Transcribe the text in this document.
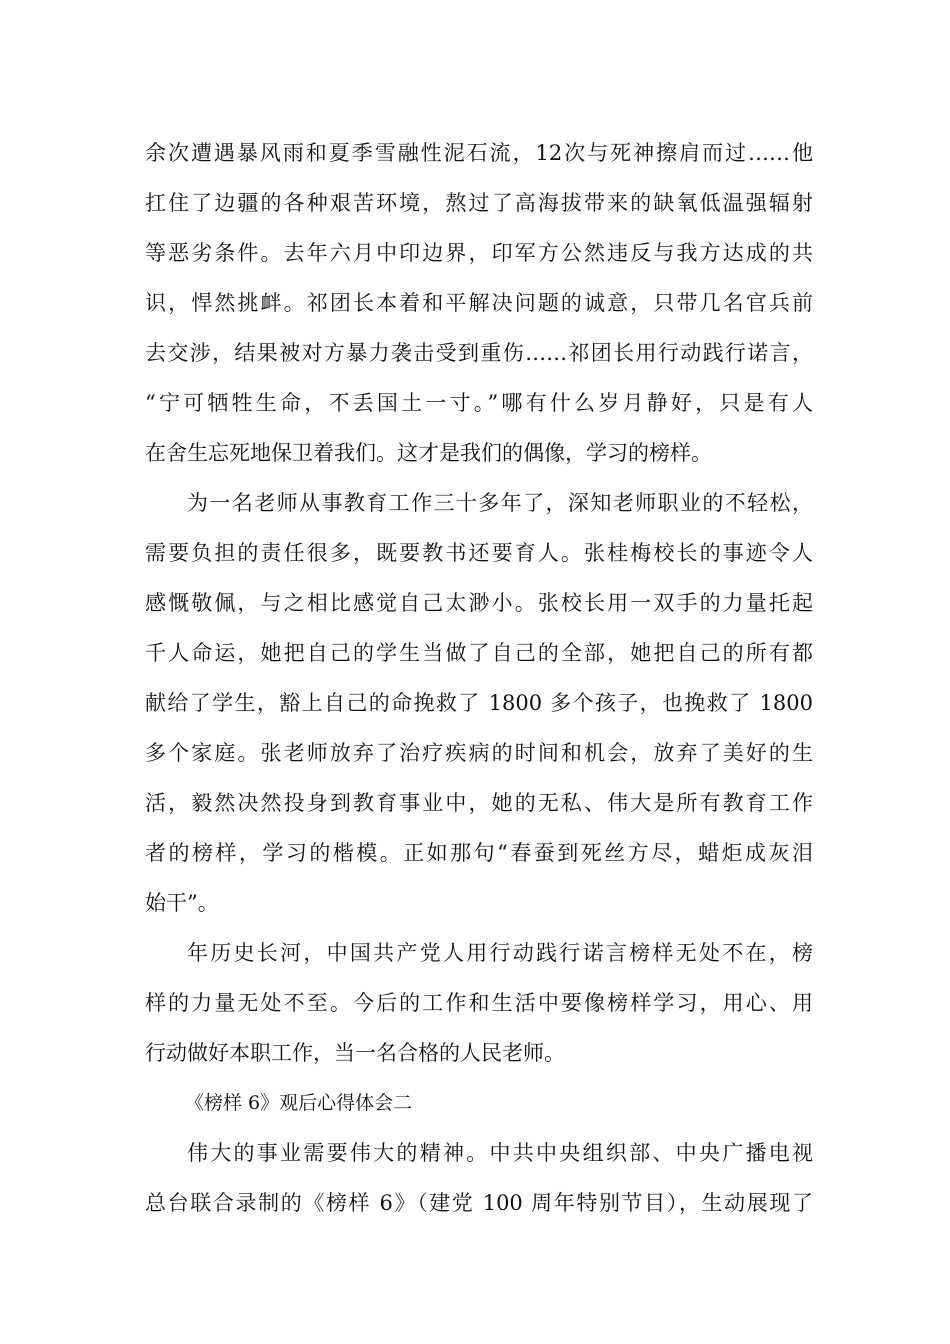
余次遭遇暴风雨和夏季雪融性泥石流，12次与死神擦肩而过……他
扛住了边疆的各种艰苦环境，熬过了高海拔带来的缺氧低温强辐射
等恶劣条件。去年六月中印边界，印军方公然违反与我方达成的共
识，悍然挑衅。祁团长本着和平解决问题的诚意，只带几名官兵前
去交涉，结果被对方暴力袭击受到重伤……祁团长用行动践行诺言，
“宁可牺牲生命，不丢国土一寸。”哪有什么岁月静好，只是有人
在舍生忘死地保卫着我们。这才是我们的偶像，学习的榜样。
为一名老师从事教育工作三十多年了，深知老师职业的不轻松，
需要负担的责任很多，既要教书还要育人。张桂梅校长的事迹令人
感慨敬佩，与之相比感觉自己太渺小。张校长用一双手的力量托起
千人命运，她把自己的学生当做了自己的全部，她把自己的所有都
献给了学生，豁上自己的命挽救了 1800 多个孩子，也挽救了 1800
多个家庭。张老师放弃了治疗疾病的时间和机会，放弃了美好的生
活，毅然决然投身到教育事业中，她的无私、伟大是所有教育工作
者的榜样，学习的楷模。正如那句“春蚕到死丝方尽，蜡炬成灰泪
始干”。
年历史长河，中国共产党人用行动践行诺言榜样无处不在，榜
样的力量无处不至。今后的工作和生活中要像榜样学习，用心、用
行动做好本职工作，当一名合格的人民老师。
《榜样 6》观后心得体会二
伟大的事业需要伟大的精神。中共中央组织部、中央广播电视
总台联合录制的《榜样 6》（建党 100 周年特别节目），生动展现了
